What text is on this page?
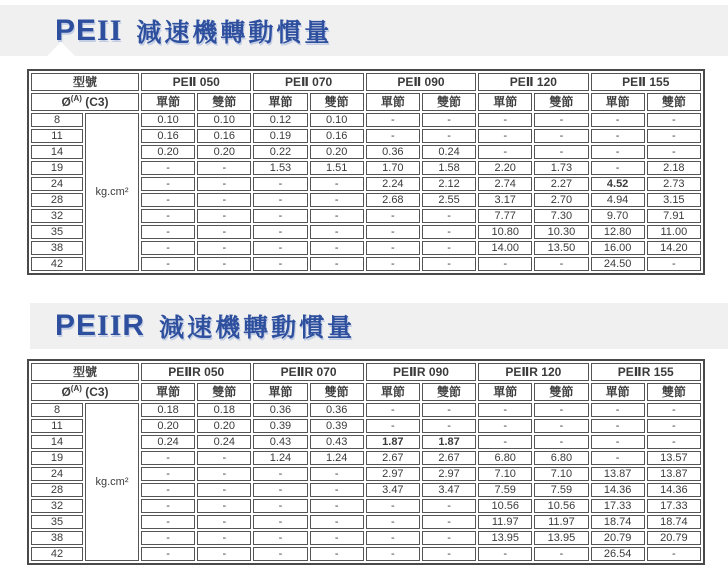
PEII 減速機轉動慣量
型號		PEⅡ 050		PEⅡ 070		PEⅡ 090		PEⅡ 120		PEⅡ 155	
$Ø^{(A)}$ (C3)		單節	雙節	單節	雙節	單節	雙節	單節	雙節	單節	雙節
8	kg.cm²	0.10	0.10	0.12	0.10	-	-	-	-	-	-
11		0.16	0.16	0.19	0.16	-	-	-	-	-	-
14		0.20	0.20	0.22	0.20	0.36	0.24	-	-	-	-
19		-	-	1.53	1.51	1.70	1.58	2.20	1.73	-	2.18
24		-	-	-	-	2.24	2.12	2.74	2.27	4.52	2.73
28		-	-	-	-	2.68	2.55	3.17	2.70	4.94	3.15
32		-	-	-	-	-	-	7.77	7.30	9.70	7.91
35		-	-	-	-	-	-	10.80	10.30	12.80	11.00
38		-	-	-	-	-	-	14.00	13.50	16.00	14.20
42		-	-	-	-	-	-	-	-	24.50	-
PEIIR 減速機轉動慣量
型號		PEⅡR 050		PEⅡR 070		PEⅡR 090		PEⅡR 120		PEⅡR 155	
$Ø^{(A)}$ (C3)		單節	雙節	單節	雙節	單節	雙節	單節	雙節	單節	雙節
8	kg.cm²	0.18	0.18	0.36	0.36	-	-	-	-	-	-
11		0.20	0.20	0.39	0.39	-	-	-	-	-	-
14		0.24	0.24	0.43	0.43	1.87	1.87	-	-	-	-
19		-	-	1.24	1.24	2.67	2.67	6.80	6.80	-	13.57
24		-	-	-	-	2.97	2.97	7.10	7.10	13.87	13.87
28		-	-	-	-	3.47	3.47	7.59	7.59	14.36	14.36
32		-	-	-	-	-	-	10.56	10.56	17.33	17.33
35		-	-	-	-	-	-	11.97	11.97	18.74	18.74
38		-	-	-	-	-	-	13.95	13.95	20.79	20.79
42		-	-	-	-	-	-	-	-	26.54	-
